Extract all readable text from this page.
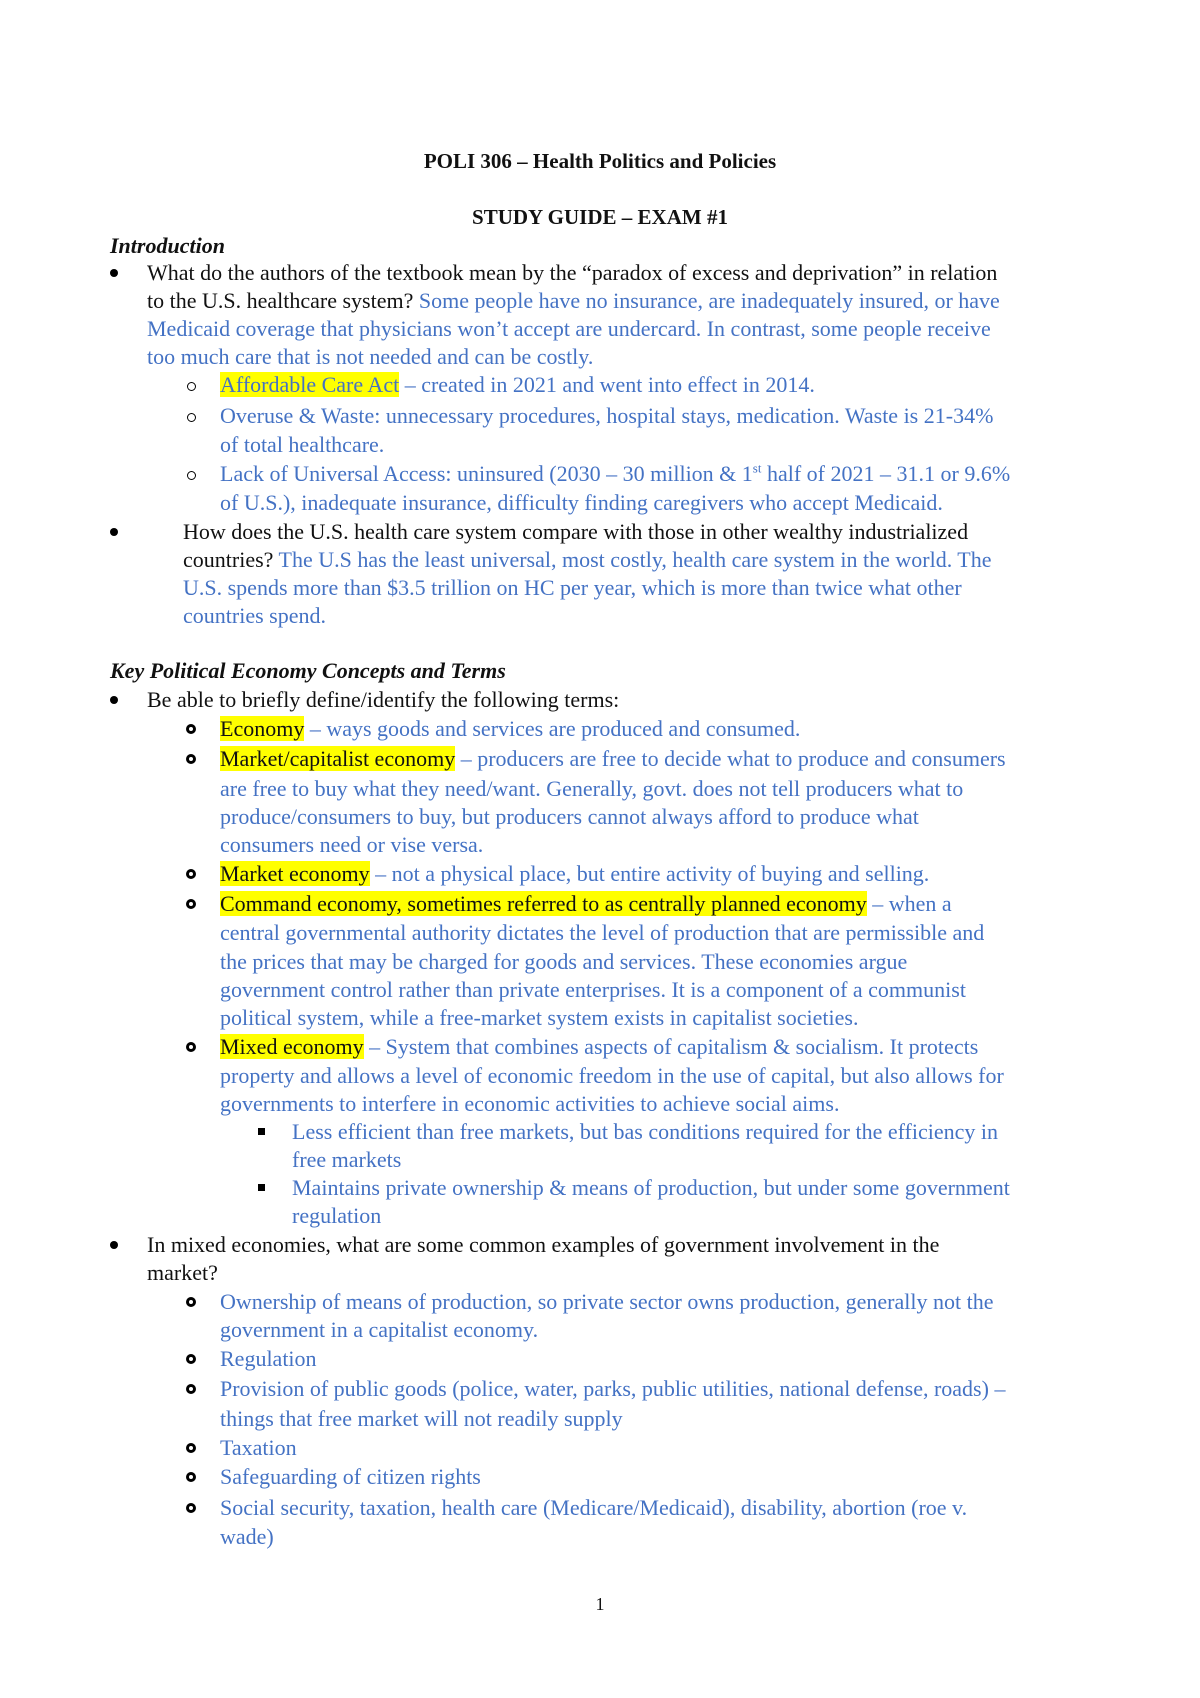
POLI 306 – Health Politics and Policies
STUDY GUIDE – EXAM #1
Introduction
What do the authors of the textbook mean by the “paradox of excess and deprivation” in relation
to the U.S. healthcare system? Some people have no insurance, are inadequately insured, or have
Medicaid coverage that physicians won’t accept are undercard. In contrast, some people receive
too much care that is not needed and can be costly.
Affordable Care Act – created in 2021 and went into effect in 2014.
Overuse & Waste: unnecessary procedures, hospital stays, medication. Waste is 21-34%
of total healthcare.
Lack of Universal Access: uninsured (2030 – 30 million & 1st half of 2021 – 31.1 or 9.6%
of U.S.), inadequate insurance, difficulty finding caregivers who accept Medicaid.
How does the U.S. health care system compare with those in other wealthy industrialized
countries? The U.S has the least universal, most costly, health care system in the world. The
U.S. spends more than $3.5 trillion on HC per year, which is more than twice what other
countries spend.
Key Political Economy Concepts and Terms
Be able to briefly define/identify the following terms:
Economy – ways goods and services are produced and consumed.
Market/capitalist economy – producers are free to decide what to produce and consumers
are free to buy what they need/want. Generally, govt. does not tell producers what to
produce/consumers to buy, but producers cannot always afford to produce what
consumers need or vise versa.
Market economy – not a physical place, but entire activity of buying and selling.
Command economy, sometimes referred to as centrally planned economy – when a
central governmental authority dictates the level of production that are permissible and
the prices that may be charged for goods and services. These economies argue
government control rather than private enterprises. It is a component of a communist
political system, while a free-market system exists in capitalist societies.
Mixed economy – System that combines aspects of capitalism & socialism. It protects
property and allows a level of economic freedom in the use of capital, but also allows for
governments to interfere in economic activities to achieve social aims.
Less efficient than free markets, but bas conditions required for the efficiency in
free markets
Maintains private ownership & means of production, but under some government
regulation
In mixed economies, what are some common examples of government involvement in the
market?
Ownership of means of production, so private sector owns production, generally not the
government in a capitalist economy.
Regulation
Provision of public goods (police, water, parks, public utilities, national defense, roads) –
things that free market will not readily supply
Taxation
Safeguarding of citizen rights
Social security, taxation, health care (Medicare/Medicaid), disability, abortion (roe v.
wade)
1
